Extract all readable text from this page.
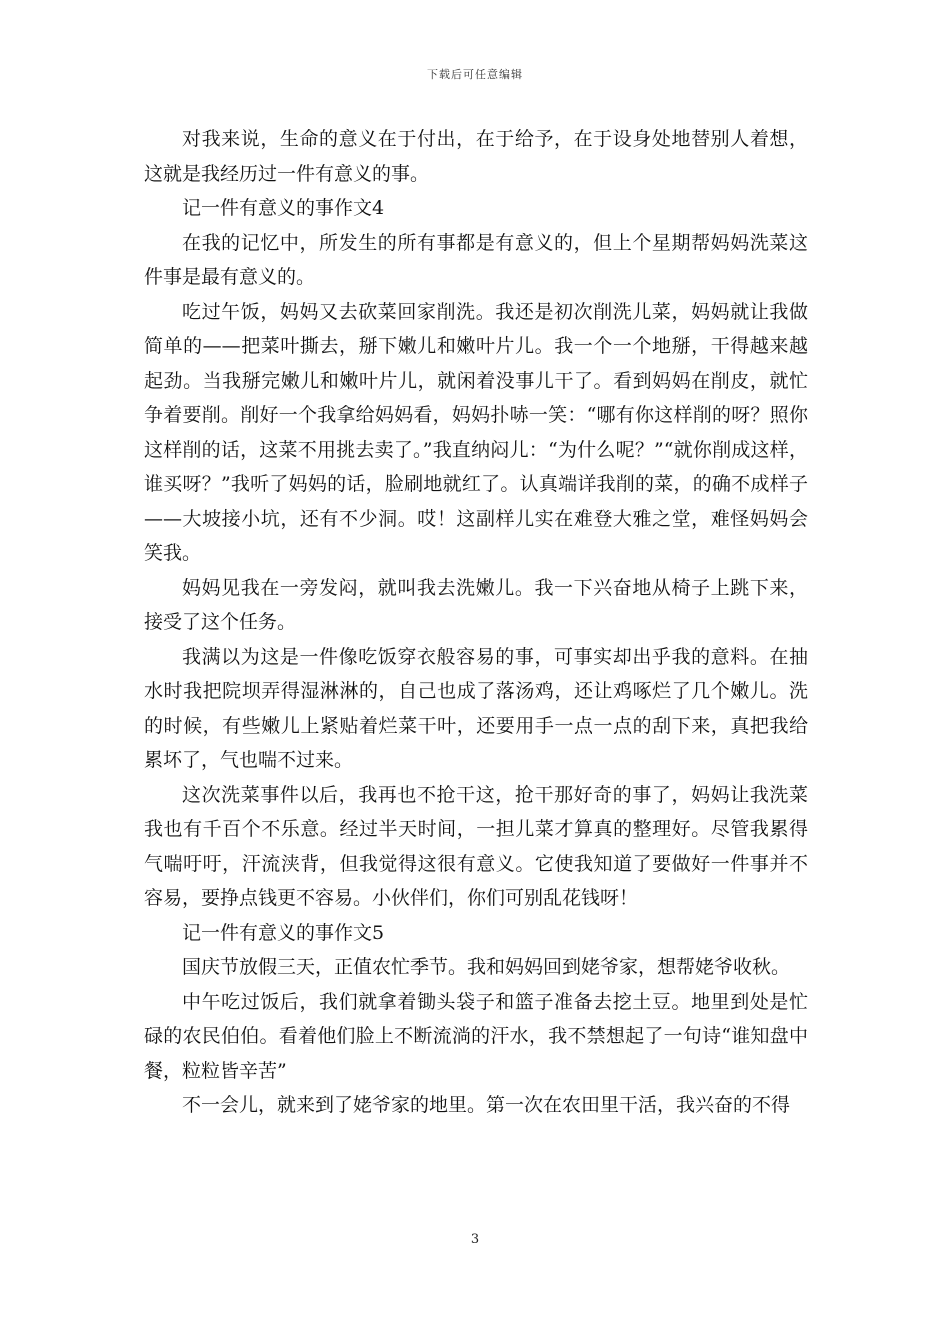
下载后可任意编辑

对我来说，生命的意义在于付出，在于给予，在于设身处地替别人着想，这就是我经历过一件有意义的事。

记一件有意义的事作文4

在我的记忆中，所发生的所有事都是有意义的，但上个星期帮妈妈洗菜这件事是最有意义的。

吃过午饭，妈妈又去砍菜回家削洗。我还是初次削洗儿菜，妈妈就让我做简单的——把菜叶撕去，掰下嫩儿和嫩叶片儿。我一个一个地掰，干得越来越起劲。当我掰完嫩儿和嫩叶片儿，就闲着没事儿干了。看到妈妈在削皮，就忙争着要削。削好一个我拿给妈妈看，妈妈扑哧一笑：“哪有你这样削的呀？照你这样削的话，这菜不用挑去卖了。”我直纳闷儿：“为什么呢？”“就你削成这样，谁买呀？”我听了妈妈的话，脸刷地就红了。认真端详我削的菜，的确不成样子——大坡接小坑，还有不少洞。哎！这副样儿实在难登大雅之堂，难怪妈妈会笑我。

妈妈见我在一旁发闷，就叫我去洗嫩儿。我一下兴奋地从椅子上跳下来，接受了这个任务。

我满以为这是一件像吃饭穿衣般容易的事，可事实却出乎我的意料。在抽水时我把院坝弄得湿淋淋的，自己也成了落汤鸡，还让鸡啄烂了几个嫩儿。洗的时候，有些嫩儿上紧贴着烂菜干叶，还要用手一点一点的刮下来，真把我给累坏了，气也喘不过来。

这次洗菜事件以后，我再也不抢干这，抢干那好奇的事了，妈妈让我洗菜我也有千百个不乐意。经过半天时间，一担儿菜才算真的整理好。尽管我累得气喘吁吁，汗流浃背，但我觉得这很有意义。它使我知道了要做好一件事并不容易，要挣点钱更不容易。小伙伴们，你们可别乱花钱呀！

记一件有意义的事作文5

国庆节放假三天，正值农忙季节。我和妈妈回到姥爷家，想帮姥爷收秋。

中午吃过饭后，我们就拿着锄头袋子和篮子准备去挖土豆。地里到处是忙碌的农民伯伯。看着他们脸上不断流淌的汗水，我不禁想起了一句诗“谁知盘中餐，粒粒皆辛苦”

不一会儿，就来到了姥爷家的地里。第一次在农田里干活，我兴奋的不得

3
